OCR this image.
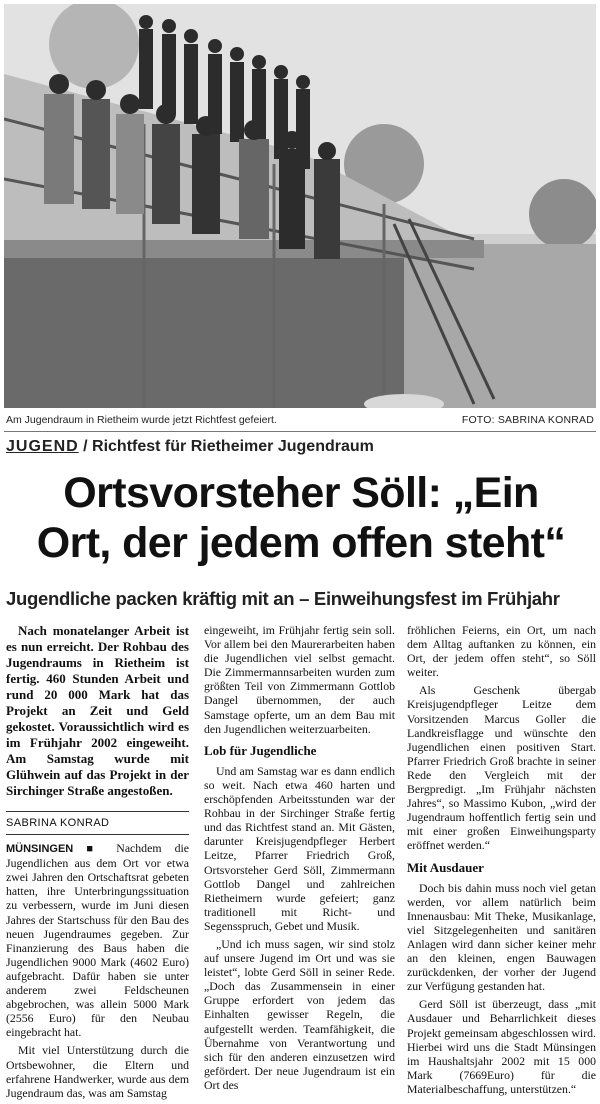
Am Jugendraum in Rietheim wurde jetzt Richtfest gefeiert.	FOTO: SABRINA KONRAD
JUGEND / Richtfest für Rietheimer Jugendraum
Ortsvorsteher Söll: „Ein
Ort, der jedem offen steht“
Jugendliche packen kräftig mit an – Einweihungsfest im Frühjahr

Nach monatelanger Arbeit ist es nun erreicht. Der Rohbau des Jugendraums in Rietheim ist fertig. 460 Stunden Arbeit und rund 20 000 Mark hat das Projekt an Zeit und Geld gekostet. Voraussichtlich wird es im Frühjahr 2002 eingeweiht. Am Samstag wurde mit Glühwein auf das Projekt in der Sirchinger Straße angestoßen.

SABRINA KONRAD

MÜNSINGEN ■ Nachdem die Jugendlichen aus dem Ort vor etwa zwei Jahren den Ortschaftsrat gebeten hatten, ihre Unterbringungssituation zu verbessern, wurde im Juni diesen Jahres der Startschuss für den Bau des neuen Jugendraumes gegeben. Zur Finanzierung des Baus haben die Jugendlichen 9000 Mark (4602 Euro) aufgebracht. Dafür haben sie unter anderem zwei Feldscheunen abgebrochen, was allein 5000 Mark (2556 Euro) für den Neubau eingebracht hat.

Mit viel Unterstützung durch die Ortsbewohner, die Eltern und erfahrene Handwerker, wurde aus dem Jugendraum das, was am Samstag

eingeweiht, im Frühjahr fertig sein soll. Vor allem bei den Maurerarbeiten haben die Jugendlichen viel selbst gemacht. Die Zimmermannsarbeiten wurden zum größten Teil von Zimmermann Gottlob Dangel übernommen, der auch Samstage opferte, um an dem Bau mit den Jugendlichen weiterzuarbeiten.

Lob für Jugendliche

Und am Samstag war es dann endlich so weit. Nach etwa 460 harten und erschöpfenden Arbeitsstunden war der Rohbau in der Sirchinger Straße fertig und das Richtfest stand an. Mit Gästen, darunter Kreisjugendpfleger Herbert Leitze, Pfarrer Friedrich Groß, Ortsvorsteher Gerd Söll, Zimmermann Gottlob Dangel und zahlreichen Rietheimern wurde gefeiert; ganz traditionell mit Richt- und Segensspruch, Gebet und Musik.

„Und ich muss sagen, wir sind stolz auf unsere Jugend im Ort und was sie leistet“, lobte Gerd Söll in seiner Rede. „Doch das Zusammensein in einer Gruppe erfordert von jedem das Einhalten gewisser Regeln, die aufgestellt werden. Teamfähigkeit, die Übernahme von Verantwortung und sich für den anderen einzusetzen wird gefördert. Der neue Jugendraum ist ein Ort des

fröhlichen Feierns, ein Ort, um nach dem Alltag auftanken zu können, ein Ort, der jedem offen steht“, so Söll weiter.

Als Geschenk übergab Kreisjugendpfleger Leitze dem Vorsitzenden Marcus Goller die Landkreisflagge und wünschte den Jugendlichen einen positiven Start. Pfarrer Friedrich Groß brachte in seiner Rede den Vergleich mit der Bergpredigt. „Im Frühjahr nächsten Jahres“, so Massimo Kubon, „wird der Jugendraum hoffentlich fertig sein und mit einer großen Einweihungsparty eröffnet werden.“

Mit Ausdauer

Doch bis dahin muss noch viel getan werden, vor allem natürlich beim Innenausbau: Mit Theke, Musikanlage, viel Sitzgelegenheiten und sanitären Anlagen wird dann sicher keiner mehr an den kleinen, engen Bauwagen zurückdenken, der vorher der Jugend zur Verfügung gestanden hat.

Gerd Söll ist überzeugt, dass „mit Ausdauer und Beharrlichkeit dieses Projekt gemeinsam abgeschlossen wird. Hierbei wird uns die Stadt Münsingen im Haushaltsjahr 2002 mit 15 000 Mark (7669Euro) für die Materialbeschaffung, unterstützen.“
